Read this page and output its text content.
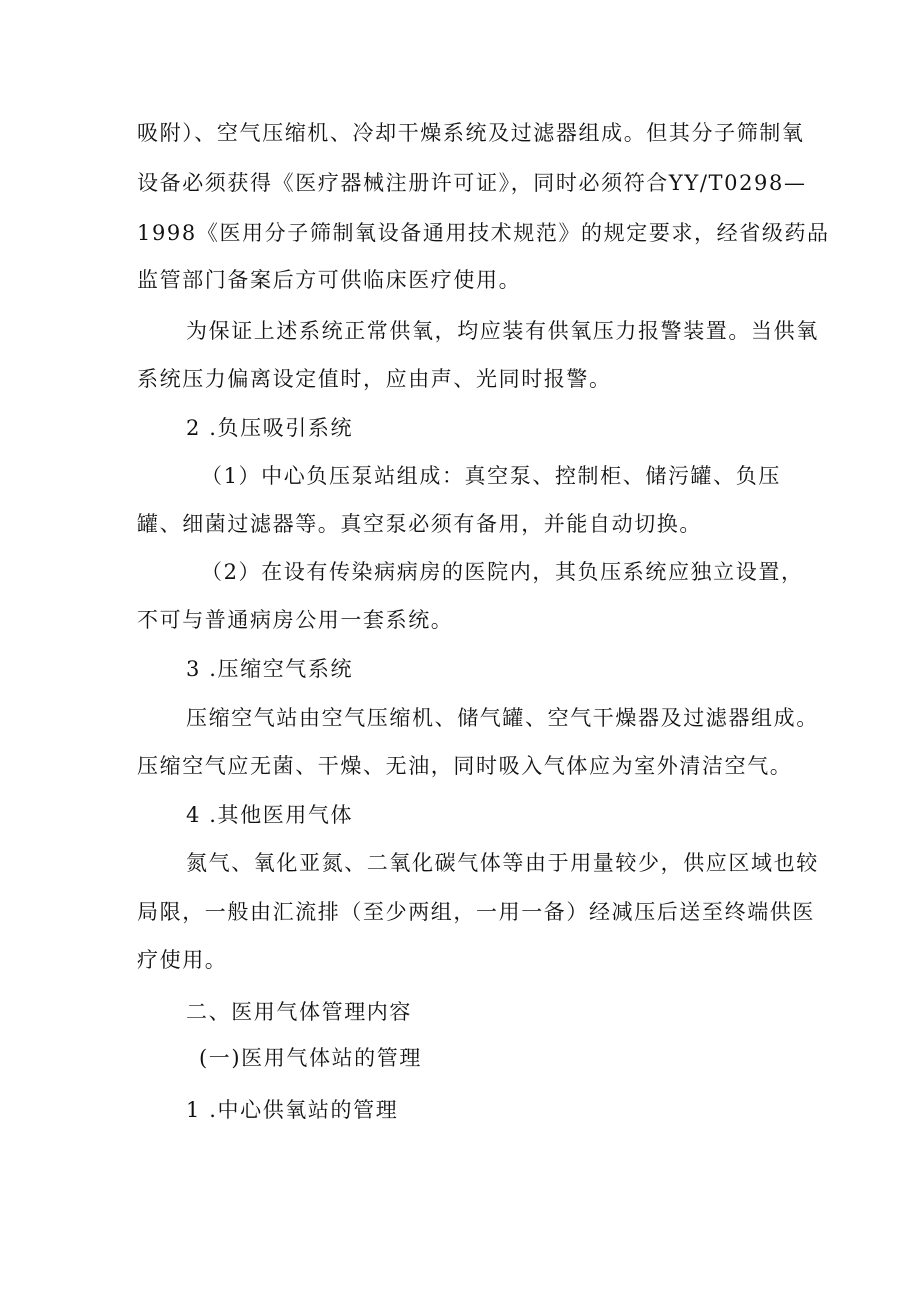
吸附）、空气压缩机、冷却干燥系统及过滤器组成。但其分子筛制氧
设备必须获得《医疗器械注册许可证》，同时必须符合YY/T0298—
1998《医用分子筛制氧设备通用技术规范》的规定要求，经省级药品
监管部门备案后方可供临床医疗使用。
为保证上述系统正常供氧，均应装有供氧压力报警装置。当供氧
系统压力偏离设定值时，应由声、光同时报警。
2 .负压吸引系统
（1）中心负压泵站组成：真空泵、控制柜、储污罐、负压
罐、细菌过滤器等。真空泵必须有备用，并能自动切换。
（2）在设有传染病病房的医院内，其负压系统应独立设置，
不可与普通病房公用一套系统。
3 .压缩空气系统
压缩空气站由空气压缩机、储气罐、空气干燥器及过滤器组成。
压缩空气应无菌、干燥、无油，同时吸入气体应为室外清洁空气。
4 .其他医用气体
氮气、氧化亚氮、二氧化碳气体等由于用量较少，供应区域也较
局限，一般由汇流排（至少两组，一用一备）经减压后送至终端供医
疗使用。
二、医用气体管理内容
(一)医用气体站的管理
1 .中心供氧站的管理
